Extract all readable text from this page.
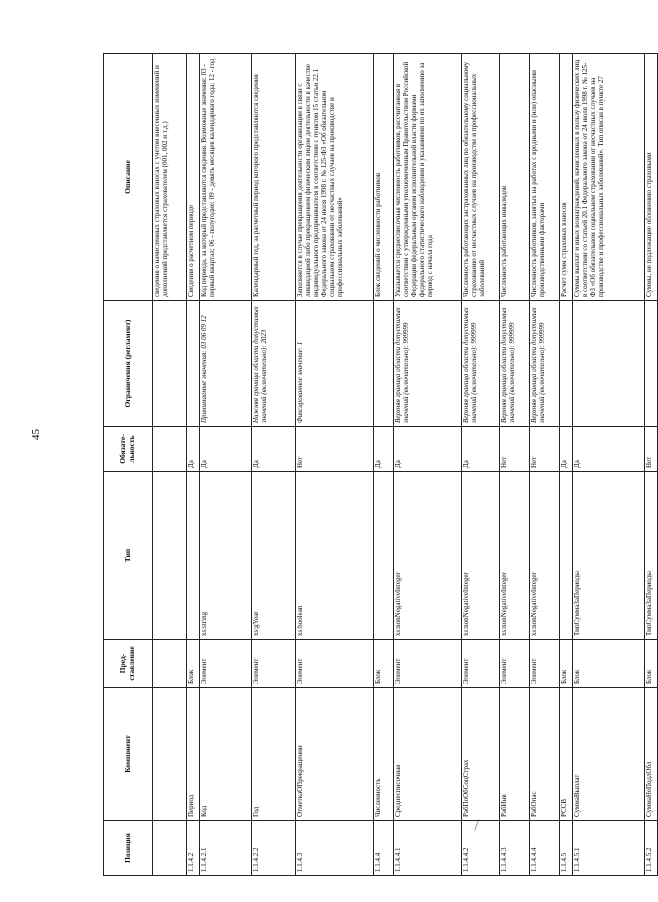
45
Позиция	Компонент	Пред-ставление	Тип	Обязате-льность	Ограничения (регламент)	Описание
						сведения о начисленных страховых взносах с учетом внесенных изменений и дополнений представляется страхователем (001, 002 и т.д.)
1.1.4.2	Период	Блок		Да		Сведения о расчетном периоде
1.1.4.2.1	Код	Элемент	xs:string	Да	Принимаемые значения: 03 06 09 12	Код периода, за который представляются сведения. Возможные значения: 03 - первый квартал; 06 - полугодие; 09 - девять месяцев календарного года; 12 - год
1.1.4.2.2	Год	Элемент	xs:gYear	Да	Нижняя граница области допустимых значений (включительно): 2023	Календарный год, за расчетный период которого представляются сведения
1.1.4.3	ОтметкаОПрекращении	Элемент	xs:boolean	Нет	Фиксированное значение: 1	Заполняется в случае прекращения деятельности организации в связи с ликвидацией либо прекращением физическим лицом деятельности в качестве индивидуального предпринимателя в соответствии с пунктом 15 статьи 22.1 Федерального закона от 24 июля 1998 г. № 125-ФЗ «Об обязательном социальном страховании от несчастных случаев на производстве и профессиональных заболеваний»
1.1.4.4	Численность	Блок		Да		Блок сведений о численности работников
1.1.4.4.1	Среднесписочная	Элемент	xs:nonNegativeInteger	Да	Верхняя граница области допустимых значений (включительно): 999999	Указывается среднесписочная численность работников, рассчитанная в соответствии с утвержденными уполномоченным Правительством Российской Федерации федеральным органом исполнительной власти формами федерального статистического наблюдения и указаниями по их заполнению за период с начала года
1.1.4.4.2	РабПоОбСоцСтрах	Элемент	xs:nonNegativeInteger	Да	Верхняя граница области допустимых значений (включительно): 999999	Численность работающих застрахованных лиц по обязательному социальному страхованию от несчастных случаев на производстве и профессиональных заболеваний
1.1.4.4.3	РабИнв	Элемент	xs:nonNegativeInteger	Нет	Верхняя граница области допустимых значений (включительно): 999999	Численность работающих инвалидов
1.1.4.4.4	РабОпас	Элемент	xs:nonNegativeInteger	Нет	Верхняя граница области допустимых значений (включительно): 999999	Численность работников, занятых на работах с вредными и (или) опасными производственными факторами
1.1.4.5	РССВ	Блок		Да		Расчет сумм страховых взносов
1.1.4.5.1	СуммаВыплат	Блок	ТипСуммаЗаПериоды	Да		Суммы выплат и иных вознаграждений, начисленных в пользу физических лиц в соответствии со статьей 20.1 Федерального закона от 24 июля 1998 г. № 125-ФЗ «Об обязательном социальном страховании от несчастных случаев на производстве и профессиональных заболеваний». Тип описан в пункте 27
1.1.4.5.2	СуммаНеПодлОбл	Блок	ТипСуммаЗаПериоды	Нет		Суммы, не подлежащие обложению страховыми
